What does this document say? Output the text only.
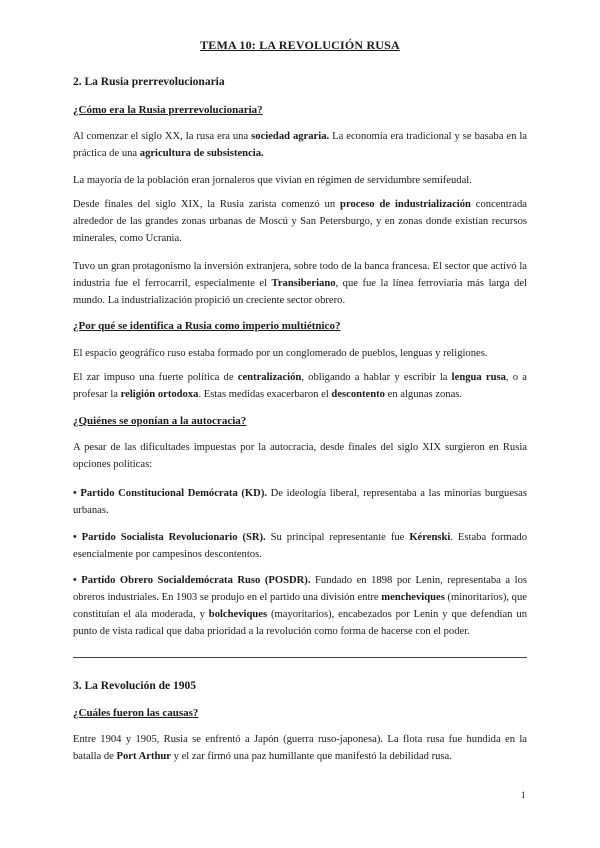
TEMA 10: LA REVOLUCIÓN RUSA
2. La Rusia prerrevolucionaria
¿Cómo era la Rusia prerrevolucionaria?

Al comenzar el siglo XX, la rusa era una sociedad agraria. La economía era tradicional y se basaba en la práctica de una agricultura de subsistencia.

La mayoría de la población eran jornaleros que vivían en régimen de servidumbre semifeudal.

Desde finales del siglo XIX, la Rusia zarista comenzó un proceso de industrialización concentrada alrededor de las grandes zonas urbanas de Moscú y San Petersburgo, y en zonas donde existían recursos minerales, como Ucrania.

Tuvo un gran protagonismo la inversión extranjera, sobre todo de la banca francesa. El sector que activó la industria fue el ferrocarril, especialmente el Transiberiano, que fue la línea ferroviaria más larga del mundo. La industrialización propició un creciente sector obrero.

¿Por qué se identifica a Rusia como imperio multiétnico?

El espacio geográfico ruso estaba formado por un conglomerado de pueblos, lenguas y religiones.

El zar impuso una fuerte política de centralización, obligando a hablar y escribir la lengua rusa, o a profesar la religión ortodoxa. Estas medidas exacerbaron el descontento en algunas zonas.

¿Quiénes se oponían a la autocracia?

A pesar de las dificultades impuestas por la autocracia, desde finales del siglo XIX surgieron en Rusia opciones políticas:

• Partido Constitucional Demócrata (KD). De ideología liberal, representaba a las minorías burguesas urbanas.

• Partido Socialista Revolucionario (SR). Su principal representante fue Kérenski. Estaba formado esencialmente por campesinos descontentos.

• Partido Obrero Socialdemócrata Ruso (POSDR). Fundado en 1898 por Lenin, representaba a los obreros industriales. En 1903 se produjo en el partido una división entre mencheviques (minoritarios), que constituían el ala moderada, y bolcheviques (mayoritarios), encabezados por Lenin y que defendían un punto de vista radical que daba prioridad a la revolución como forma de hacerse con el poder.

3. La Revolución de 1905
¿Cuáles fueron las causas?

Entre 1904 y 1905, Rusia se enfrentó a Japón (guerra ruso-japonesa). La flota rusa fue hundida en la batalla de Port Arthur y el zar firmó una paz humillante que manifestó la debilidad rusa.

1
